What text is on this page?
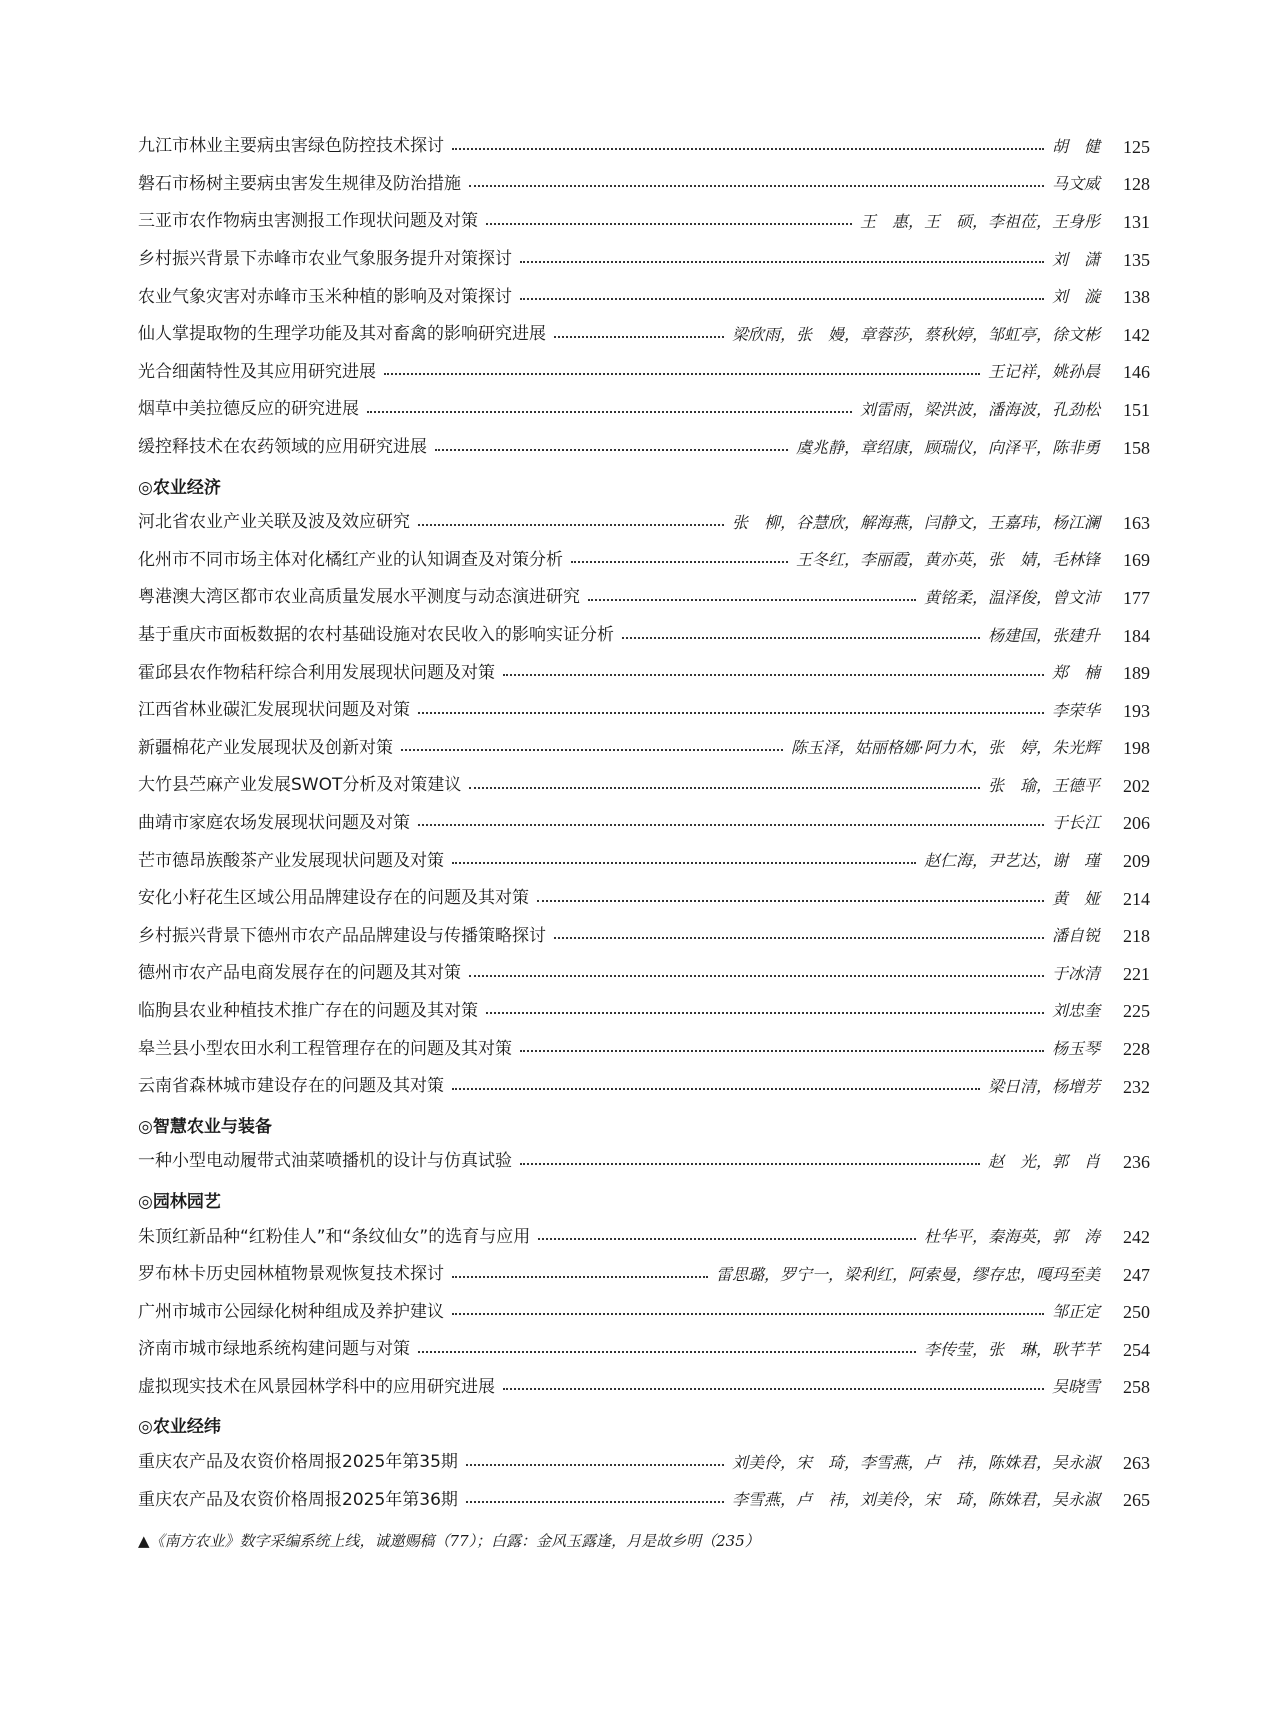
九江市林业主要病虫害绿色防控技术探讨	胡　健	125
磐石市杨树主要病虫害发生规律及防治措施	马文威	128
三亚市农作物病虫害测报工作现状问题及对策	王　惠，王　硕，李祖莅，王身彤	131
乡村振兴背景下赤峰市农业气象服务提升对策探讨	刘　潇	135
农业气象灾害对赤峰市玉米种植的影响及对策探讨	刘　漩	138
仙人掌提取物的生理学功能及其对畜禽的影响研究进展	梁欣雨，张　嫚，章蓉莎，蔡秋婷，邹虹亭，徐文彬	142
光合细菌特性及其应用研究进展	王记祥，姚孙晨	146
烟草中美拉德反应的研究进展	刘雷雨，梁洪波，潘海波，孔劲松	151
缓控释技术在农药领域的应用研究进展	虞兆静，章绍康，顾瑞仪，向泽平，陈非勇	158
◎农业经济
河北省农业产业关联及波及效应研究	张　柳，谷慧欣，解海燕，闫静文，王嘉玮，杨江澜	163
化州市不同市场主体对化橘红产业的认知调查及对策分析	王冬红，李丽霞，黄亦英，张　婧，毛林锋	169
粤港澳大湾区都市农业高质量发展水平测度与动态演进研究	黄铭柔，温泽俊，曾文沛	177
基于重庆市面板数据的农村基础设施对农民收入的影响实证分析	杨建国，张建升	184
霍邱县农作物秸秆综合利用发展现状问题及对策	郑　楠	189
江西省林业碳汇发展现状问题及对策	李荣华	193
新疆棉花产业发展现状及创新对策	陈玉泽，姑丽格娜·阿力木，张　婷，朱光辉	198
大竹县苎麻产业发展SWOT分析及对策建议	张　瑜，王德平	202
曲靖市家庭农场发展现状问题及对策	于长江	206
芒市德昂族酸茶产业发展现状问题及对策	赵仁海，尹艺达，谢　瑾	209
安化小籽花生区域公用品牌建设存在的问题及其对策	黄　娅	214
乡村振兴背景下德州市农产品品牌建设与传播策略探讨	潘自锐	218
德州市农产品电商发展存在的问题及其对策	于冰清	221
临朐县农业种植技术推广存在的问题及其对策	刘忠奎	225
皋兰县小型农田水利工程管理存在的问题及其对策	杨玉琴	228
云南省森林城市建设存在的问题及其对策	梁日清，杨增芳	232
◎智慧农业与装备
一种小型电动履带式油菜喷播机的设计与仿真试验	赵　光，郭　肖	236
◎园林园艺
朱顶红新品种“红粉佳人”和“条纹仙女”的选育与应用	杜华平，秦海英，郭　涛	242
罗布林卡历史园林植物景观恢复技术探讨	雷思璐，罗宁一，梁利红，阿索曼，缪存忠，嘎玛至美	247
广州市城市公园绿化树种组成及养护建议	邹正定	250
济南市城市绿地系统构建问题与对策	李传莹，张　琳，耿芊芊	254
虚拟现实技术在风景园林学科中的应用研究进展	吴晓雪	258
◎农业经纬
重庆农产品及农资价格周报2025年第35期	刘美伶，宋　琦，李雪燕，卢　祎，陈姝君，吴永淑	263
重庆农产品及农资价格周报2025年第36期	李雪燕，卢　祎，刘美伶，宋　琦，陈姝君，吴永淑	265
▲《南方农业》数字采编系统上线，诚邀赐稿（77）；白露：金风玉露逢，月是故乡明（235）
